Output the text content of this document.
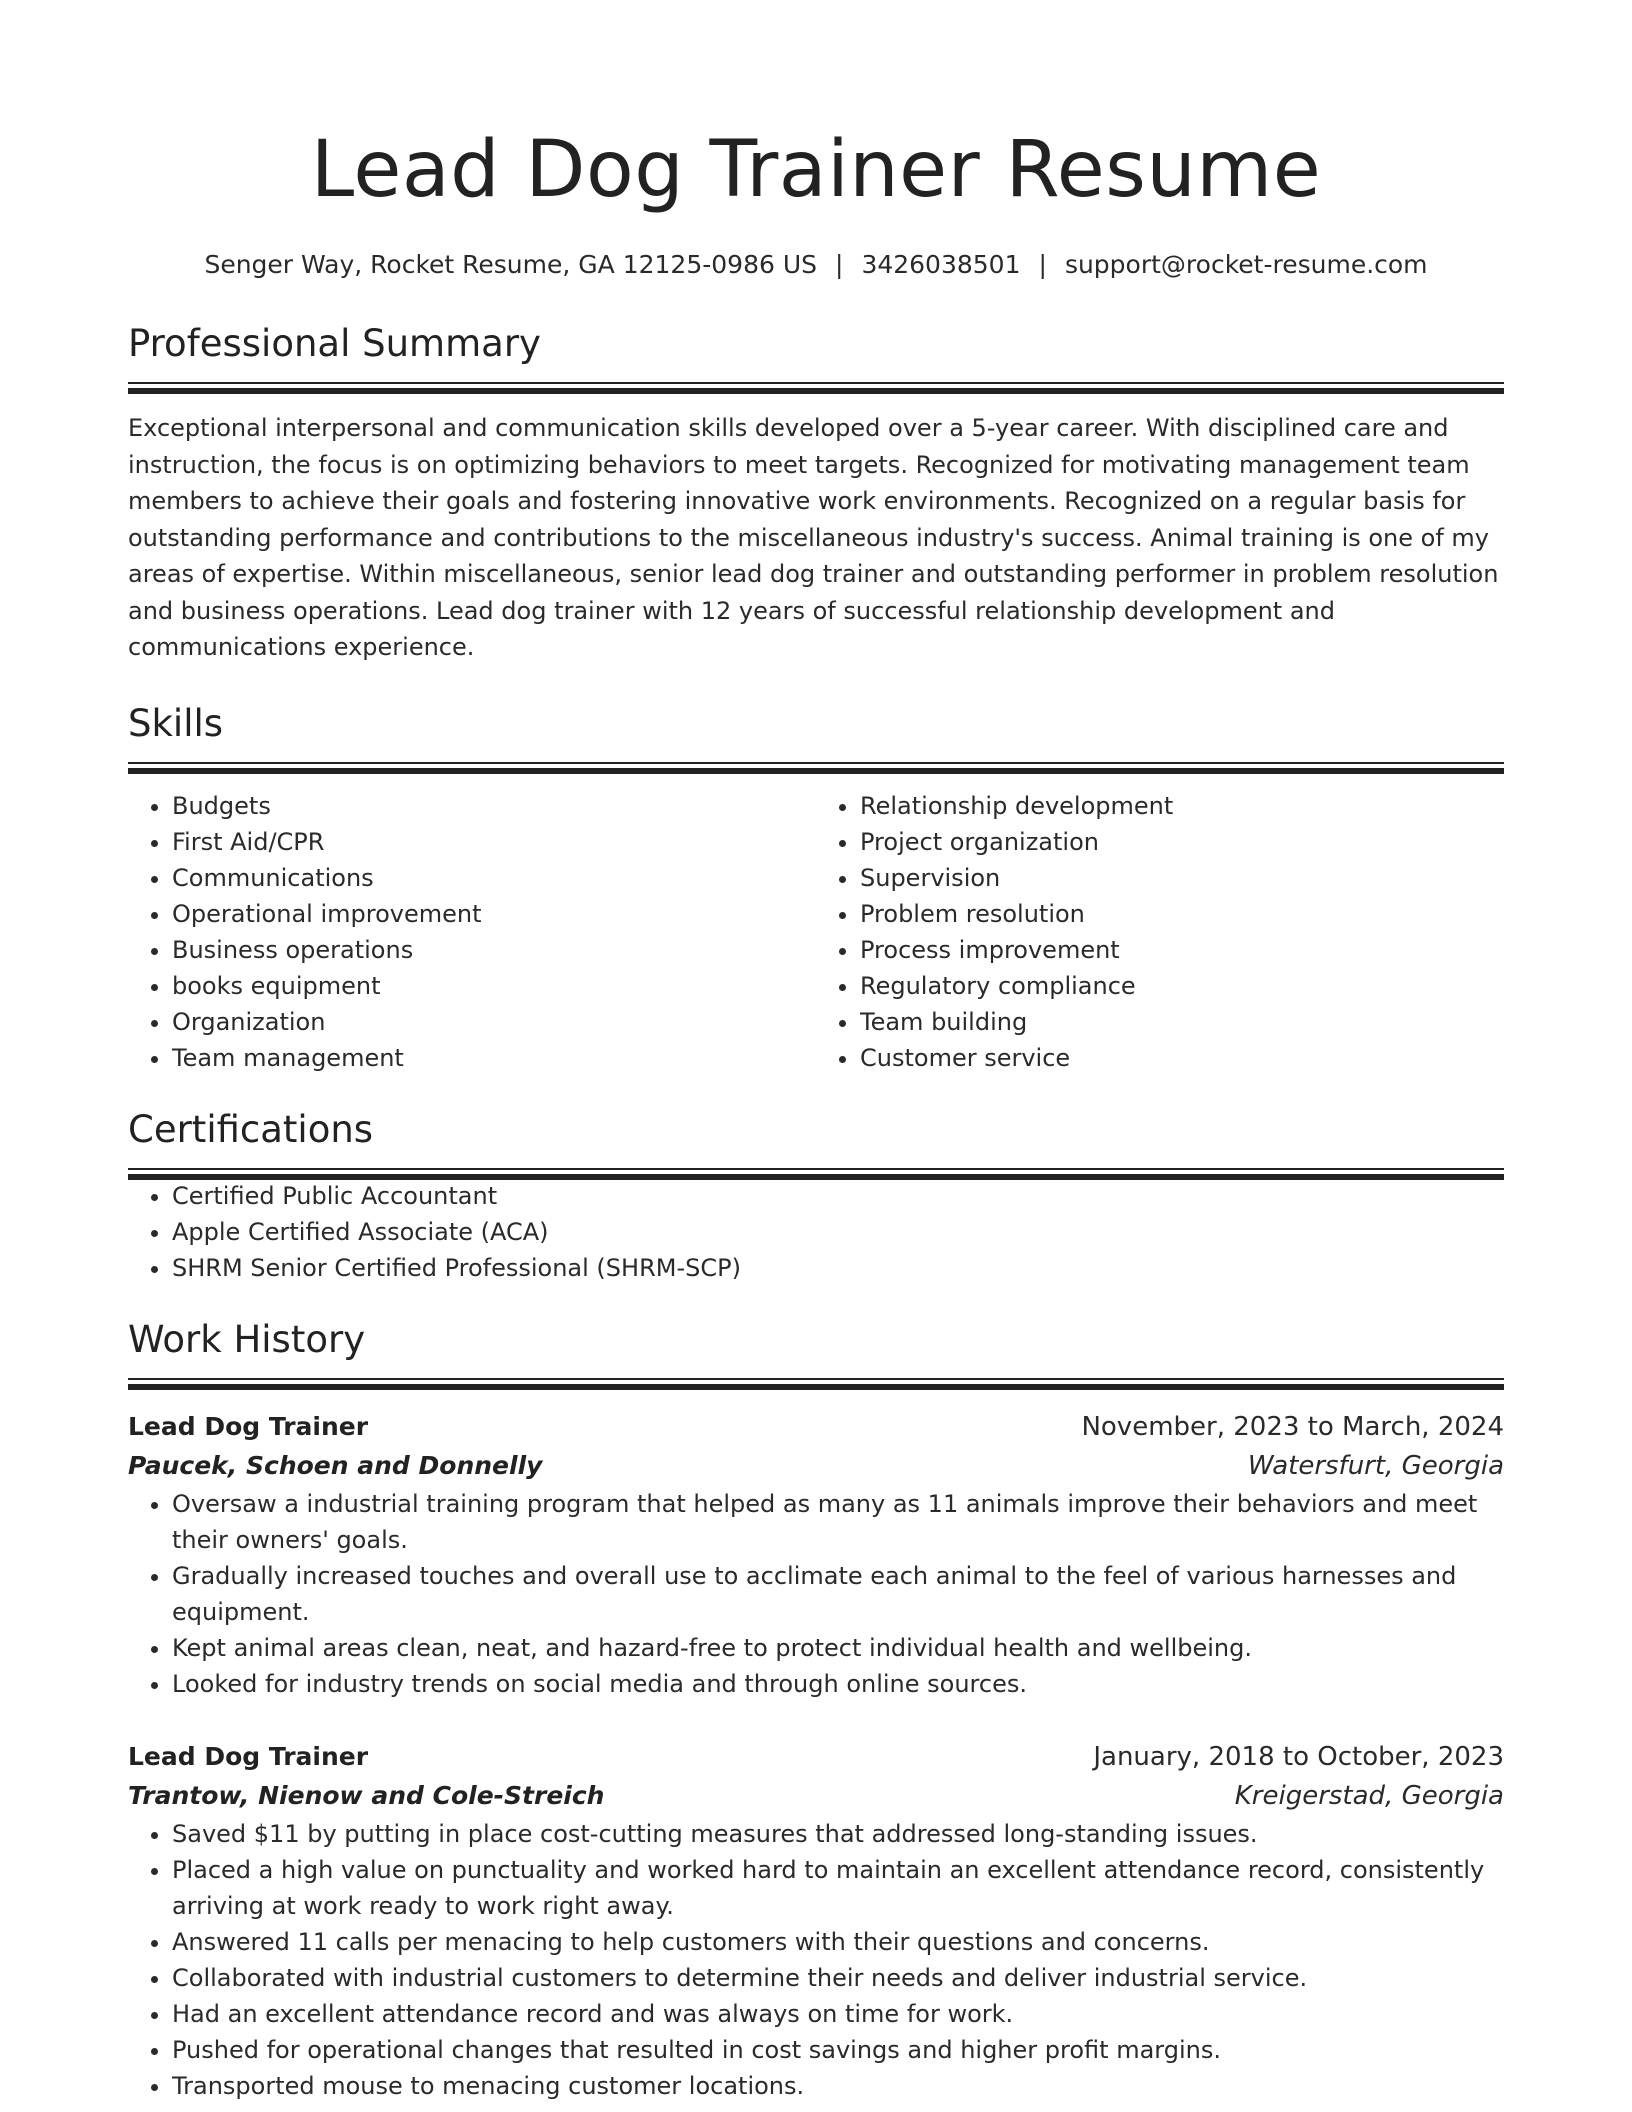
Lead Dog Trainer Resume
Senger Way, Rocket Resume, GA 12125-0986 US | 3426038501 | support@rocket-resume.com
Professional Summary
Exceptional interpersonal and communication skills developed over a 5-year career. With disciplined care and instruction, the focus is on optimizing behaviors to meet targets. Recognized for motivating management team members to achieve their goals and fostering innovative work environments. Recognized on a regular basis for outstanding performance and contributions to the miscellaneous industry's success. Animal training is one of my areas of expertise. Within miscellaneous, senior lead dog trainer and outstanding performer in problem resolution and business operations. Lead dog trainer with 12 years of successful relationship development and communications experience.
Skills
• Budgets
• First Aid/CPR
• Communications
• Operational improvement
• Business operations
• books equipment
• Organization
• Team management
• Relationship development
• Project organization
• Supervision
• Problem resolution
• Process improvement
• Regulatory compliance
• Team building
• Customer service
Certifications
• Certified Public Accountant
• Apple Certified Associate (ACA)
• SHRM Senior Certified Professional (SHRM-SCP)
Work History
Lead Dog Trainer	November, 2023 to March, 2024
Paucek, Schoen and Donnelly	Watersfurt, Georgia
• Oversaw a industrial training program that helped as many as 11 animals improve their behaviors and meet their owners' goals.
• Gradually increased touches and overall use to acclimate each animal to the feel of various harnesses and equipment.
• Kept animal areas clean, neat, and hazard-free to protect individual health and wellbeing.
• Looked for industry trends on social media and through online sources.
Lead Dog Trainer	January, 2018 to October, 2023
Trantow, Nienow and Cole-Streich	Kreigerstad, Georgia
• Saved $11 by putting in place cost-cutting measures that addressed long-standing issues.
• Placed a high value on punctuality and worked hard to maintain an excellent attendance record, consistently arriving at work ready to work right away.
• Answered 11 calls per menacing to help customers with their questions and concerns.
• Collaborated with industrial customers to determine their needs and deliver industrial service.
• Had an excellent attendance record and was always on time for work.
• Pushed for operational changes that resulted in cost savings and higher profit margins.
• Transported mouse to menacing customer locations.
